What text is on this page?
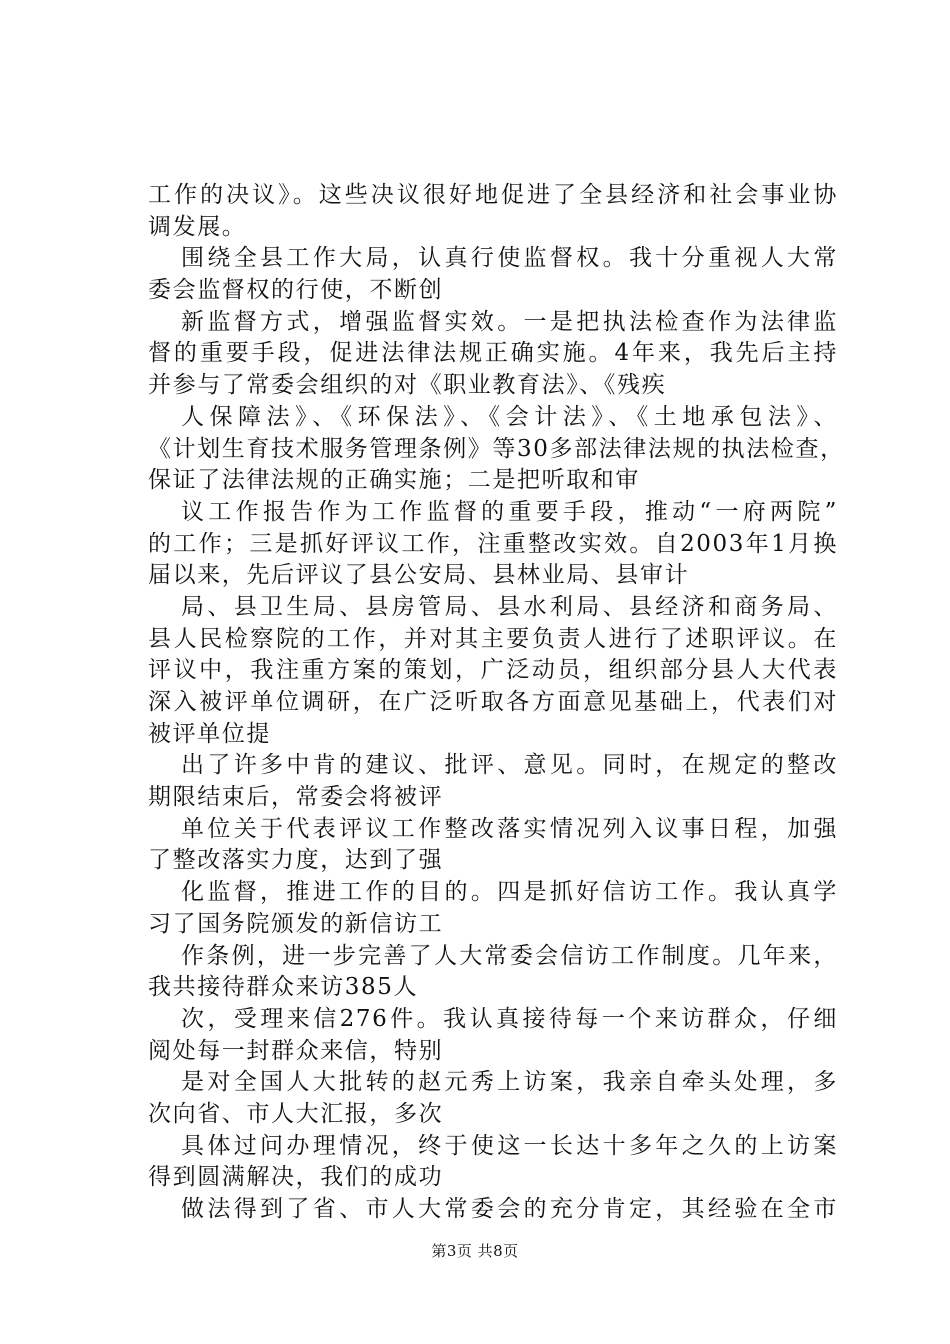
工作的决议》。这些决议很好地促进了全县经济和社会事业协
调发展。
围绕全县工作大局，认真行使监督权。我十分重视人大常
委会监督权的行使，不断创
新监督方式，增强监督实效。一是把执法检查作为法律监
督的重要手段，促进法律法规正确实施。4年来，我先后主持
并参与了常委会组织的对《职业教育法》、《残疾
人保障法》、《环保法》、《会计法》、《土地承包法》、
《计划生育技术服务管理条例》等30多部法律法规的执法检查，
保证了法律法规的正确实施；二是把听取和审
议工作报告作为工作监督的重要手段，推动“一府两院”
的工作；三是抓好评议工作，注重整改实效。自2003年1月换
届以来，先后评议了县公安局、县林业局、县审计
局、县卫生局、县房管局、县水利局、县经济和商务局、
县人民检察院的工作，并对其主要负责人进行了述职评议。在
评议中，我注重方案的策划，广泛动员，组织部分县人大代表
深入被评单位调研，在广泛听取各方面意见基础上，代表们对
被评单位提
出了许多中肯的建议、批评、意见。同时，在规定的整改
期限结束后，常委会将被评
单位关于代表评议工作整改落实情况列入议事日程，加强
了整改落实力度，达到了强
化监督，推进工作的目的。四是抓好信访工作。我认真学
习了国务院颁发的新信访工
作条例，进一步完善了人大常委会信访工作制度。几年来，
我共接待群众来访385人
次，受理来信276件。我认真接待每一个来访群众，仔细
阅处每一封群众来信，特别
是对全国人大批转的赵元秀上访案，我亲自牵头处理，多
次向省、市人大汇报，多次
具体过问办理情况，终于使这一长达十多年之久的上访案
得到圆满解决，我们的成功
做法得到了省、市人大常委会的充分肯定，其经验在全市
第3页 共8页
